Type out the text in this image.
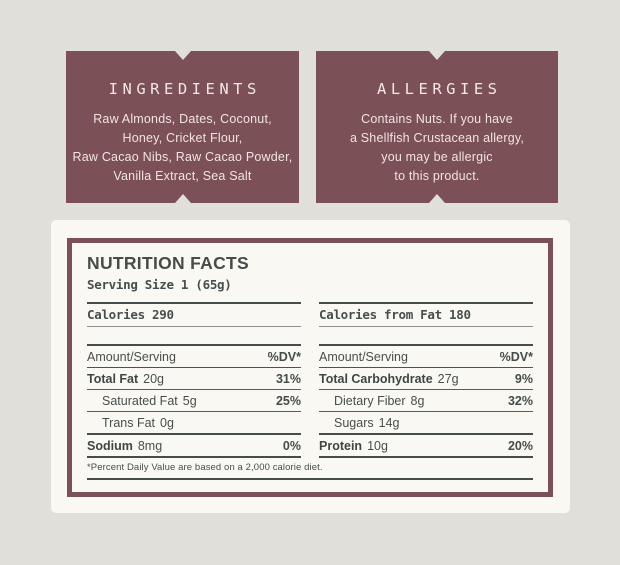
INGREDIENTS
Raw Almonds, Dates, Coconut,
Honey, Cricket Flour,
Raw Cacao Nibs, Raw Cacao Powder,
Vanilla Extract, Sea Salt
ALLERGIES
Contains Nuts. If you have
a Shellfish Crustacean allergy,
you may be allergic
to this product.
NUTRITION FACTS
Serving Size 1 (65g)
Calories 290
Amount/Serving	%DV*
Total Fat 20g	31%
Saturated Fat 5g	25%
Trans Fat 0g
Sodium 8mg	0%
Calories from Fat 180
Amount/Serving	%DV*
Total Carbohydrate 27g	9%
Dietary Fiber 8g	32%
Sugars 14g
Protein 10g	20%
*Percent Daily Value are based on a 2,000 calorie diet.
